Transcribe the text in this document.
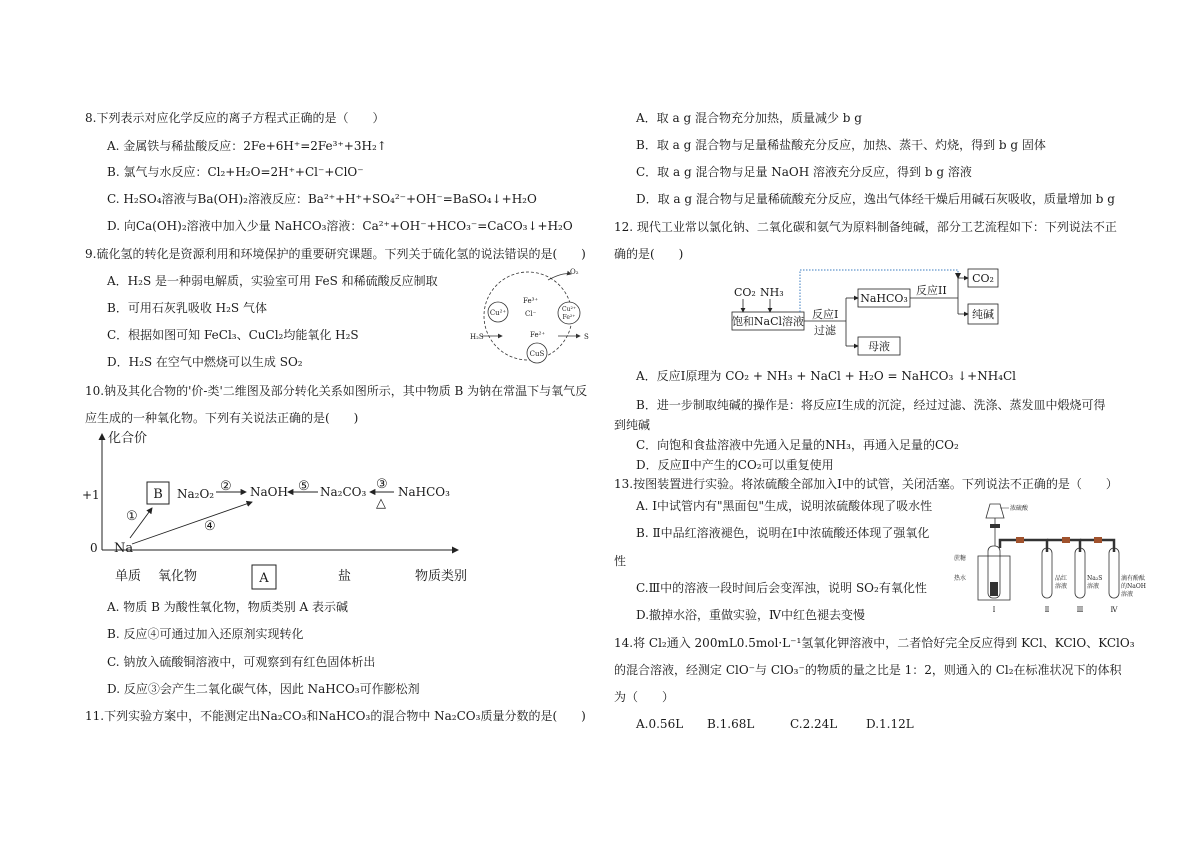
8.下列表示对应化学反应的离子方程式正确的是（　　）
A. 金属铁与稀盐酸反应：2Fe+6H⁺=2Fe³⁺+3H₂↑
B. 氯气与水反应：Cl₂+H₂O=2H⁺+Cl⁻+ClO⁻
C. H₂SO₄溶液与Ba(OH)₂溶液反应：Ba²⁺+H⁺+SO₄²⁻+OH⁻=BaSO₄↓+H₂O
D. 向Ca(OH)₂溶液中加入少量 NaHCO₃溶液：Ca²⁺+OH⁻+HCO₃⁻=CaCO₃↓+H₂O
9.硫化氢的转化是资源利用和环境保护的重要研究课题。下列关于硫化氢的说法错误的是(　　)
A．H₂S 是一种弱电解质，实验室可用 FeS 和稀硫酸反应制取
B．可用石灰乳吸收 H₂S 气体
C．根据如图可知 FeCl₃、CuCl₂均能氧化 H₂S
D．H₂S 在空气中燃烧可以生成 SO₂
O₂
Cu²⁺
Fe³⁺
Cl⁻
Cu²⁺
Fe²⁺
H₂S	Fe²⁺
CuS
S
10.钠及其化合物的'价-类'二维图及部分转化关系如图所示，其中物质 B 为钠在常温下与氧气反
应生成的一种氧化物。下列有关说法正确的是(　　)
化合价
+1
0
单质 氧化物	A	盐	物质类别
Na
B Na₂O₂	NaOH	Na₂CO₃	NaHCO₃
①
②
④
⑤	③
△
A. 物质 B 为酸性氧化物，物质类别 A 表示碱
B. 反应④可通过加入还原剂实现转化
C. 钠放入硫酸铜溶液中，可观察到有红色固体析出
D. 反应③会产生二氧化碳气体，因此 NaHCO₃可作膨松剂
11.下列实验方案中，不能测定出Na₂CO₃和NaHCO₃的混合物中 Na₂CO₃质量分数的是(　　)
A．取 a g 混合物充分加热，质量减少 b g
B．取 a g 混合物与足量稀盐酸充分反应，加热、蒸干、灼烧，得到 b g 固体
C．取 a g 混合物与足量 NaOH 溶液充分反应，得到 b g 溶液
D．取 a g 混合物与足量稀硫酸充分反应，逸出气体经干燥后用碱石灰吸收，质量增加 b g
12. 现代工业常以氯化钠、二氧化碳和氨气为原料制备纯碱，部分工艺流程如下：下列说法不正
确的是(　　)
CO₂ NH₃
饱和NaCl溶液
反应I
过滤
NaHCO₃
母液
反应II
CO₂
纯碱
A．反应Ⅰ原理为 CO₂ + NH₃ + NaCl + H₂O = NaHCO₃ ↓+NH₄Cl
B．进一步制取纯碱的操作是：将反应Ⅰ生成的沉淀，经过过滤、洗涤、蒸发皿中煅烧可得
到纯碱
C．向饱和食盐溶液中先通入足量的NH₃，再通入足量的CO₂
D．反应Ⅱ中产生的CO₂可以重复使用
13.按图装置进行实验。将浓硫酸全部加入Ⅰ中的试管，关闭活塞。下列说法不正确的是（　　）
A. Ⅰ中试管内有"黑面包"生成，说明浓硫酸体现了吸水性
B. Ⅱ中品红溶液褪色，说明在Ⅰ中浓硫酸还体现了强氧化
性
C.Ⅲ中的溶液一段时间后会变浑浊，说明 SO₂有氧化性
D.撤掉水浴，重做实验，Ⅳ中红色褪去变慢
浓硫酸
蔗糖
热水	品红
溶液
Na₂S
溶液
滴有酚酞
的NaOH
溶液
Ⅰ	Ⅱ	Ⅲ	Ⅳ
14.将 Cl₂通入 200mL0.5mol·L⁻¹氢氧化钾溶液中，二者恰好完全反应得到 KCl、KClO、KClO₃
的混合溶液，经测定 ClO⁻与 ClO₃⁻的物质的量之比是 1：2，则通入的 Cl₂在标准状况下的体积
为（　　）
A.0.56L B.1.68L	C.2.24L D.1.12L
